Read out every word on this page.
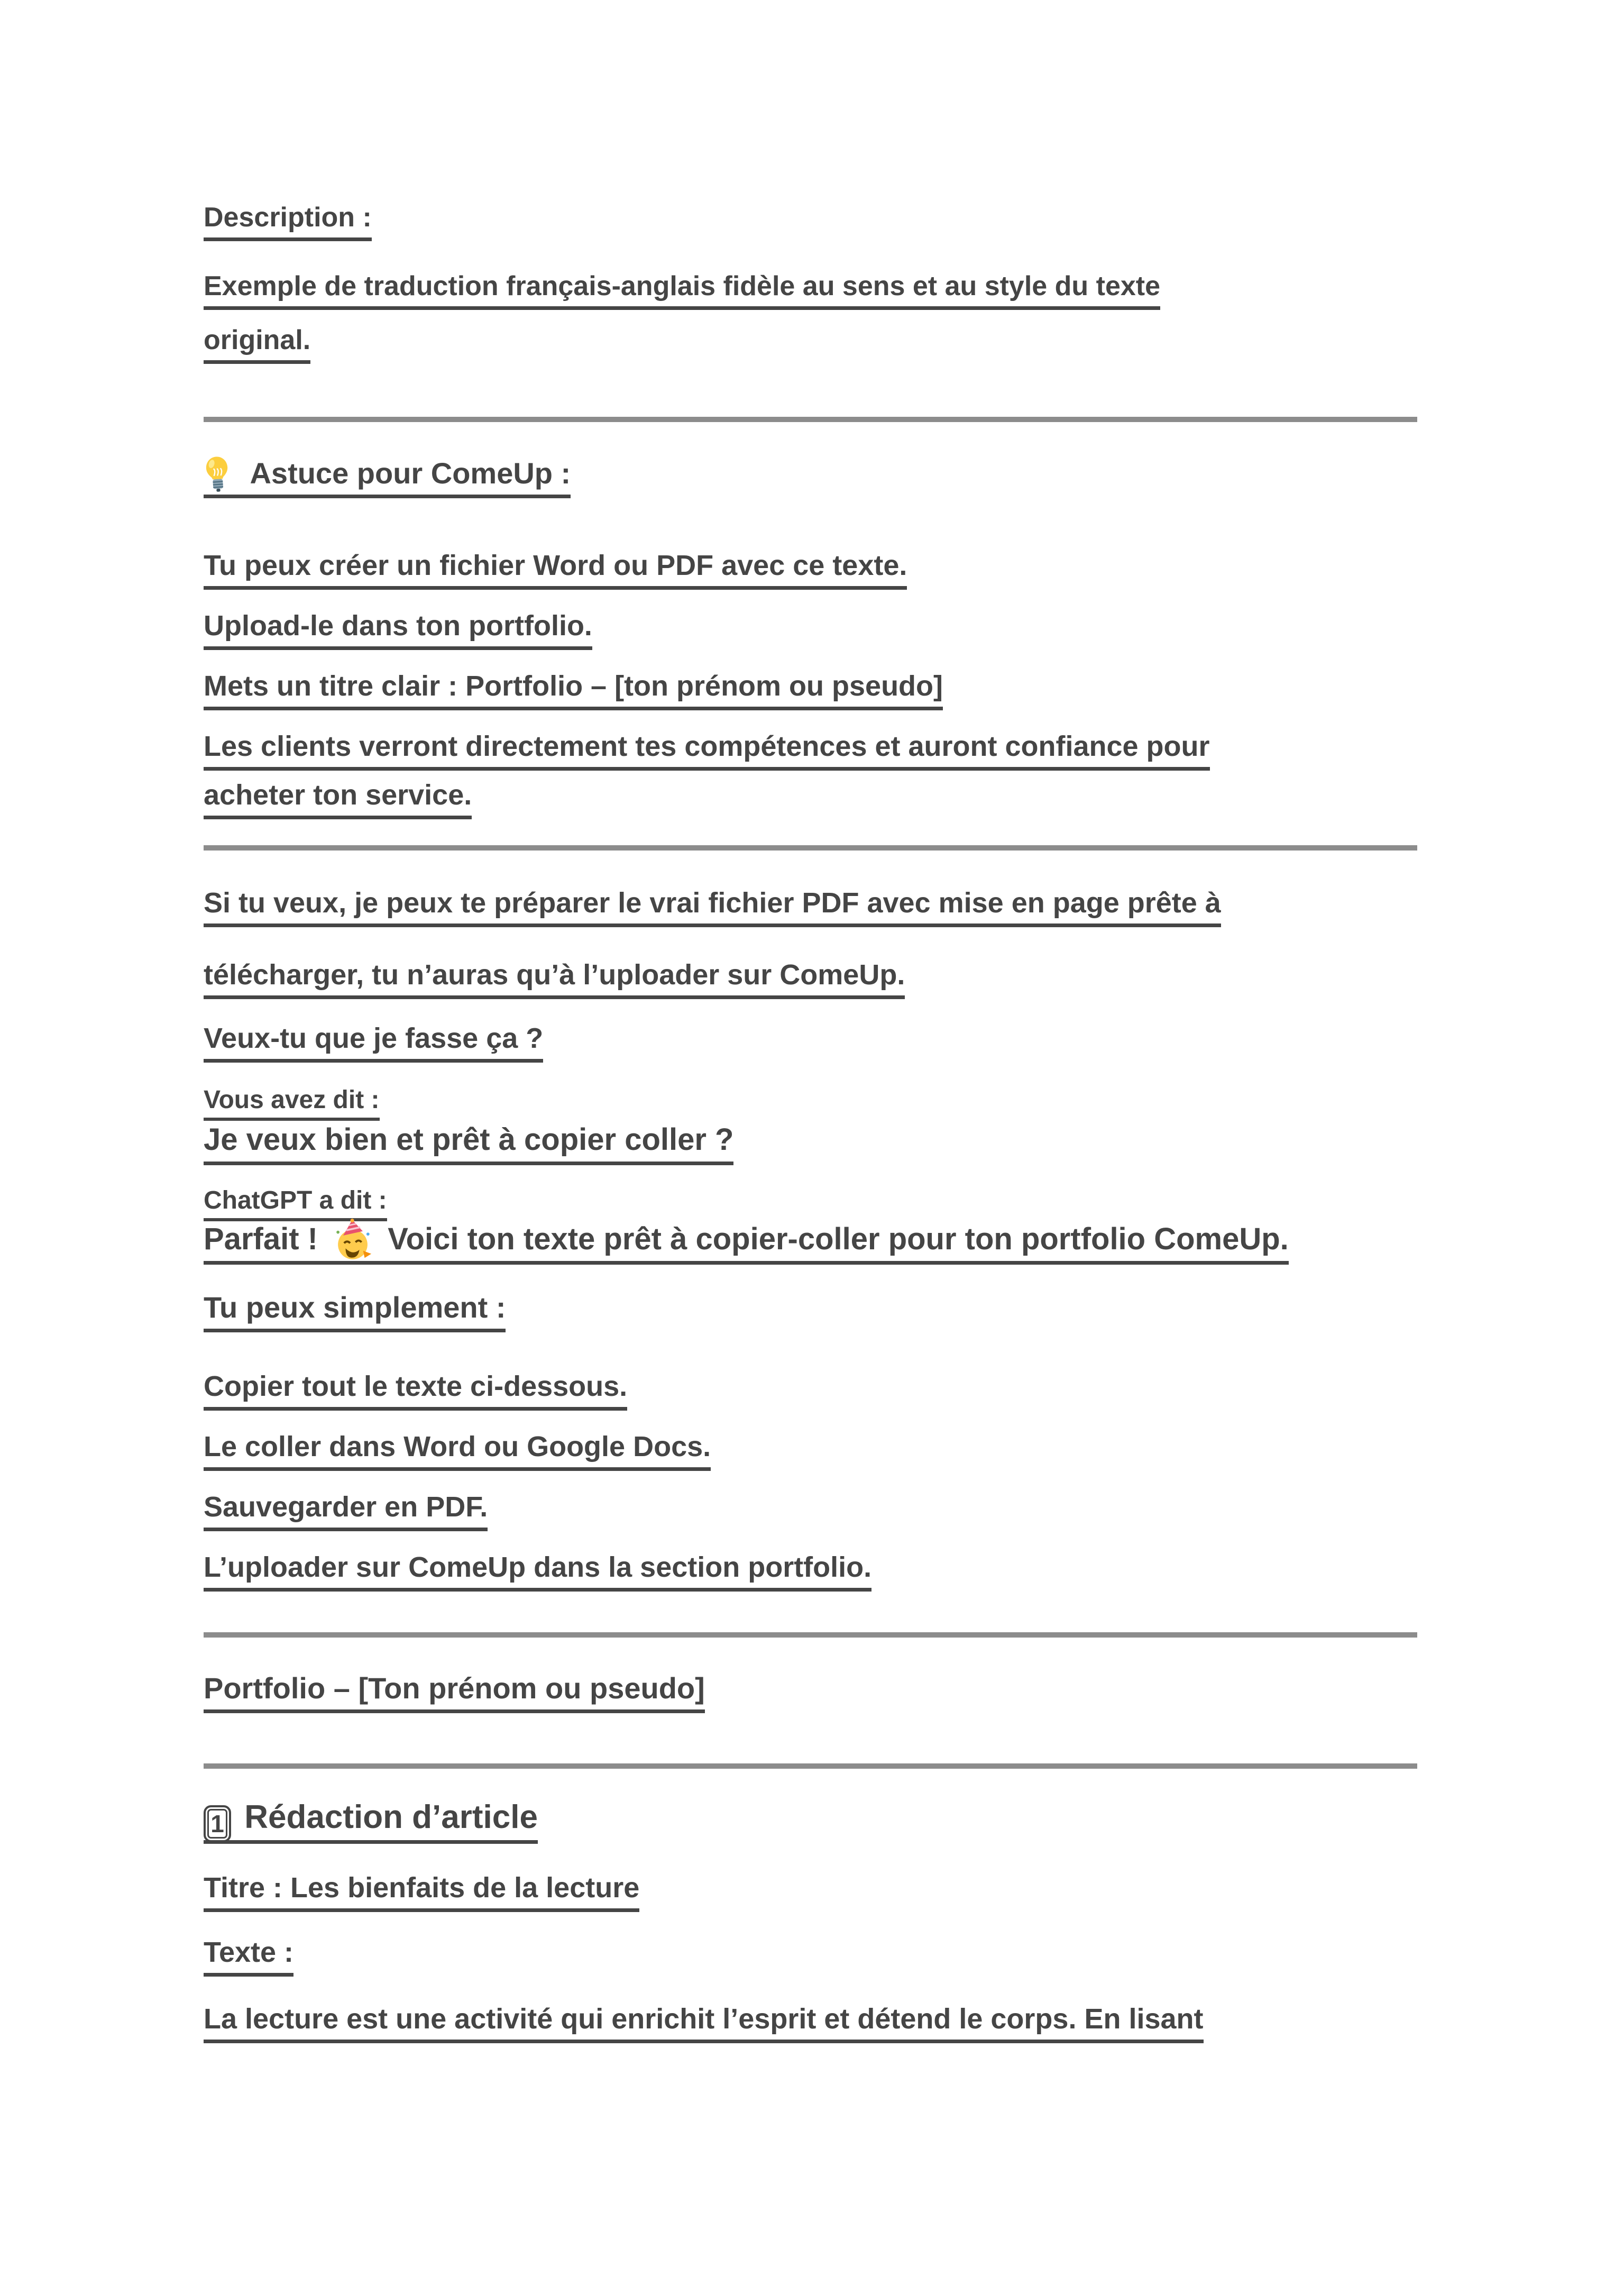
Description :
Exemple de traduction français-anglais fidèle au sens et au style du texte
original.
Astuce pour ComeUp :
Tu peux créer un fichier Word ou PDF avec ce texte.
Upload-le dans ton portfolio.
Mets un titre clair : Portfolio – [ton prénom ou pseudo]
Les clients verront directement tes compétences et auront confiance pour
acheter ton service.
Si tu veux, je peux te préparer le vrai fichier PDF avec mise en page prête à
télécharger, tu n’auras qu’à l’uploader sur ComeUp.
Veux-tu que je fasse ça ?
Vous avez dit :
Je veux bien et prêt à copier coller ?
ChatGPT a dit :
Parfait ! Voici ton texte prêt à copier-coller pour ton portfolio ComeUp.
Tu peux simplement :
Copier tout le texte ci-dessous.
Le coller dans Word ou Google Docs.
Sauvegarder en PDF.
L’uploader sur ComeUp dans la section portfolio.
Portfolio – [Ton prénom ou pseudo]
1 Rédaction d’article
Titre : Les bienfaits de la lecture
Texte :
La lecture est une activité qui enrichit l’esprit et détend le corps. En lisant
